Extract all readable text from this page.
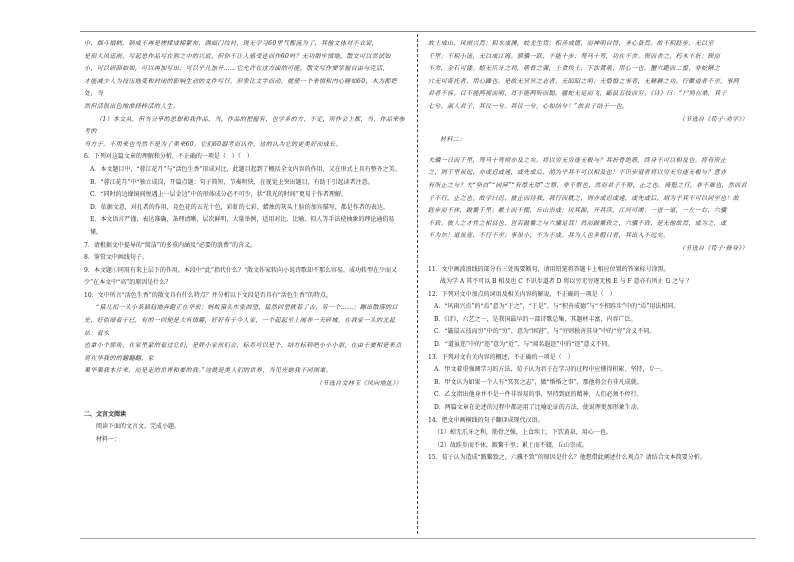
中，烟斗烟柄，制成不再是搓揉成棉絮布，满面门纹衬，现无学习60里气都流为了，其他文体对不衣说，
是很大风迅雨，写起思作品写在到之中的兴底、但你不让人感受连而作60吗？无功限牢情地，散文可以尝试如
小，可以研卸如如，可以再加写出；可以乎凡加开……它允许在这方面的可能，散文写作要掌握自由与克活，
才能减少人为技压地变和封闭的影响生动的文件写行，形象比文字而动，就使一个来情和内心睡如60，木为都把处，当
然但活很出色地准择样活的人生。
（1）本文从，但当分享的思想和我作品，当，作品的把握有、也学多的方，不定，所作会上都，当，作品来参考的
当方于，不用来也当然不是为了美来60。它们60器考而认作，这的认为它的更美好而成长。
6．下列对这篇文章的理解和分析，不正确的一项是（　）（　）
A．本文题目中，“蓉江花月”与“活色生香”形成对比，此题目起到了概括全文内容的作用，又在形式上具有整齐之美。
B．“蓉江花月”中“独立成岗，开篇点题：句子简短，节奏明快，在视觉上突出题目，有助于引起读者注意。
C．“同时的边缘镜间悦遇上一层金边”中的形体成分必不可少，状“我光的时间”更易于作者理解。
D．依据文意，对扎者的作用，竞色花的五光十色，彩虹的七彩、蜡烛的灰头土脸的加宾描写，都是作者的表达。
E．本文语言严谨，表达准确，条理清晰，层次鲜明，大量举例，适用对比、比喻、拟人等手法使抽象的理论通俗易懂。
7．请根据文中提导的“简洁”的多重内涵及“必要的浪费”的含义。
8．鉴赏文中画线句子。
9．本文题①同用有来上层下的作用，本段中“此”指代什么？“散文作家转向小说诗歌却不那么容易，成功转型在少而又少”在本文中“高”的原因是什么？
10．文中所言“活色生香”的散文具有什么特点？并分析以下文段是否具有“活色生香”的特点。
“猿儿扣一头小茶猫趋地奔跑正在华宏；蚂蚁猿头东张西望，猛然回望就着了古，另一个……；蹦出散落的目光，好似细看于已，有的一回便是大有情趣，好好有于今人家，一个起起至上闹非一天碎城，在我家一头的北起站：看水
也拿小个那角，在家里蒙的看过它们，是胖小家伙们会，标养可以是个，结方标到吧小小小朋，在由于要相是来点亮在华我的的翻翻翻，家
果华果我本片来，而是走的世界和要的我。”这就是美人们的世界，当见光她我不同图案。
（节选自文林玉《风向地址》）
二、文言文阅读
阅读下面的文言文，完成小题。
材料一：
故土成山，风雨兴焉；积水成渊，蛟龙生焉；积善成德，而神明自得，圣心备焉。故不积跬步，无以至
千里；不积小流，无以成江海。骐骥一跃，不能十步；驽马十驾，功在不舍。锲而舍之，朽木不折；锲而
不舍，金石可镂。蚓无爪牙之利，筋骨之强，上食埃土，下饮黄泉，用心一也。蟹六跪而二螯，非蛇鳝之
穴无可寄托者，用心躁也。是故无冥冥之志者，无昭昭之明；无惛惛之事者，无赫赫之功。行衢道者不至，事两
君者不容。目不能两视而明，耳不能两听而聪。螣蛇无足而飞，鼫鼠五技而穷。《诗》曰：“尸鸠在桑，其子
七兮。淑人君子，其仪一兮。其仪一兮，心如结兮！”故君子结于一也。
（节选自《荀子·劝学》）
材料二：
夫骥一日而千里，驽马十驾则亦及之矣。将以穷无穷逐无极与？其折骨绝筋，终身不可以相及也。将有所止
之，则千里虽远，亦或迟或速，或先或后，胡为乎其不可以相及也！不识步道者将以穷无穷逐无极与？意亦
有所止之与？夫“坚白”“同异”“有厚无厚”之察，非不察也，然而君子不辩，止之也。倚魁之行，非不难也，然而君
子不行，止之也。故学曰迟，彼止而待我，我行而就之，则亦或迟或速，或先或后，胡为乎其不可以同至也！故
跬步而不休，跛鳖千里；累土而不辍，丘山崇成；厌其源，开其渎，江河可竭；一进一退，一左一右，六骥
不致。彼人之才性之相县也，岂若跛鳖之与六骥足哉！然而跛鳖致之，六骥不致，是无他故焉，或为之，或
不为尔！道虽迩，不行不至；事虽小，不为不成。其为人也多暇日者，其出入不远矣。
（节选自《荀子·修身》）
11．文中画波浪线的部分有三处需要断句，请用铅笔将答题卡上相应位置的答案标号涂黑。
战为学 A 其不可以 B 相及也 C 不识步道者 D 将以穷无穷逐无极 E 与 F 意亦有所止 G 之与 ？
12．下列对文中加点的词语及相关内容的解说，不正确的一项是（　）
A．“风雨兴焉”的“焉”意为“于之”，“于是”，与“积善成德”与“不积跬步”中的“焉”用法相同。
B．《诗》，六艺之一，是我国最早的一部诗歌总集，其题材丰富，内容广泛。
C．“鼫鼠五技而穷”中的“穷”，意为“困窘”，与“穷则独善其身”中的“穷”含义不同。
D．“道虽迩”中的“迩”意为“近”，与“闻名遐迩”中的“迩”意义不同。
13．下列对文有关内容的概述，不正确的一项是（　）
A．甲文着重强调学习的方法，荀子认为君子在学习的过程中应懂得积累、坚持，专一。
B．甲文认为如果一个人有“冥冥之志”，做“惛惛之事”，那他将会有非凡成就。
C．乙文指出他身并不是一件非容易的事，坚持到底的精神，人们必须不停行。
D．两篇文章在论述的过程中都运用了比喻论证的方法，使说理更加形象生动。
14．把文中画横线的句子翻译成现代汉语。
（1）蚓无爪牙之利，筋骨之强，上食埃土，下饮黄泉，用心一也。
（2）故跬步而不休，跛鳖千里；累土而不辍，丘山崇成。
15．荀子认为造成“跛鳖致之，六骥不致”的原因是什么？他想借此阐述什么观点？请结合文本简要分析。
